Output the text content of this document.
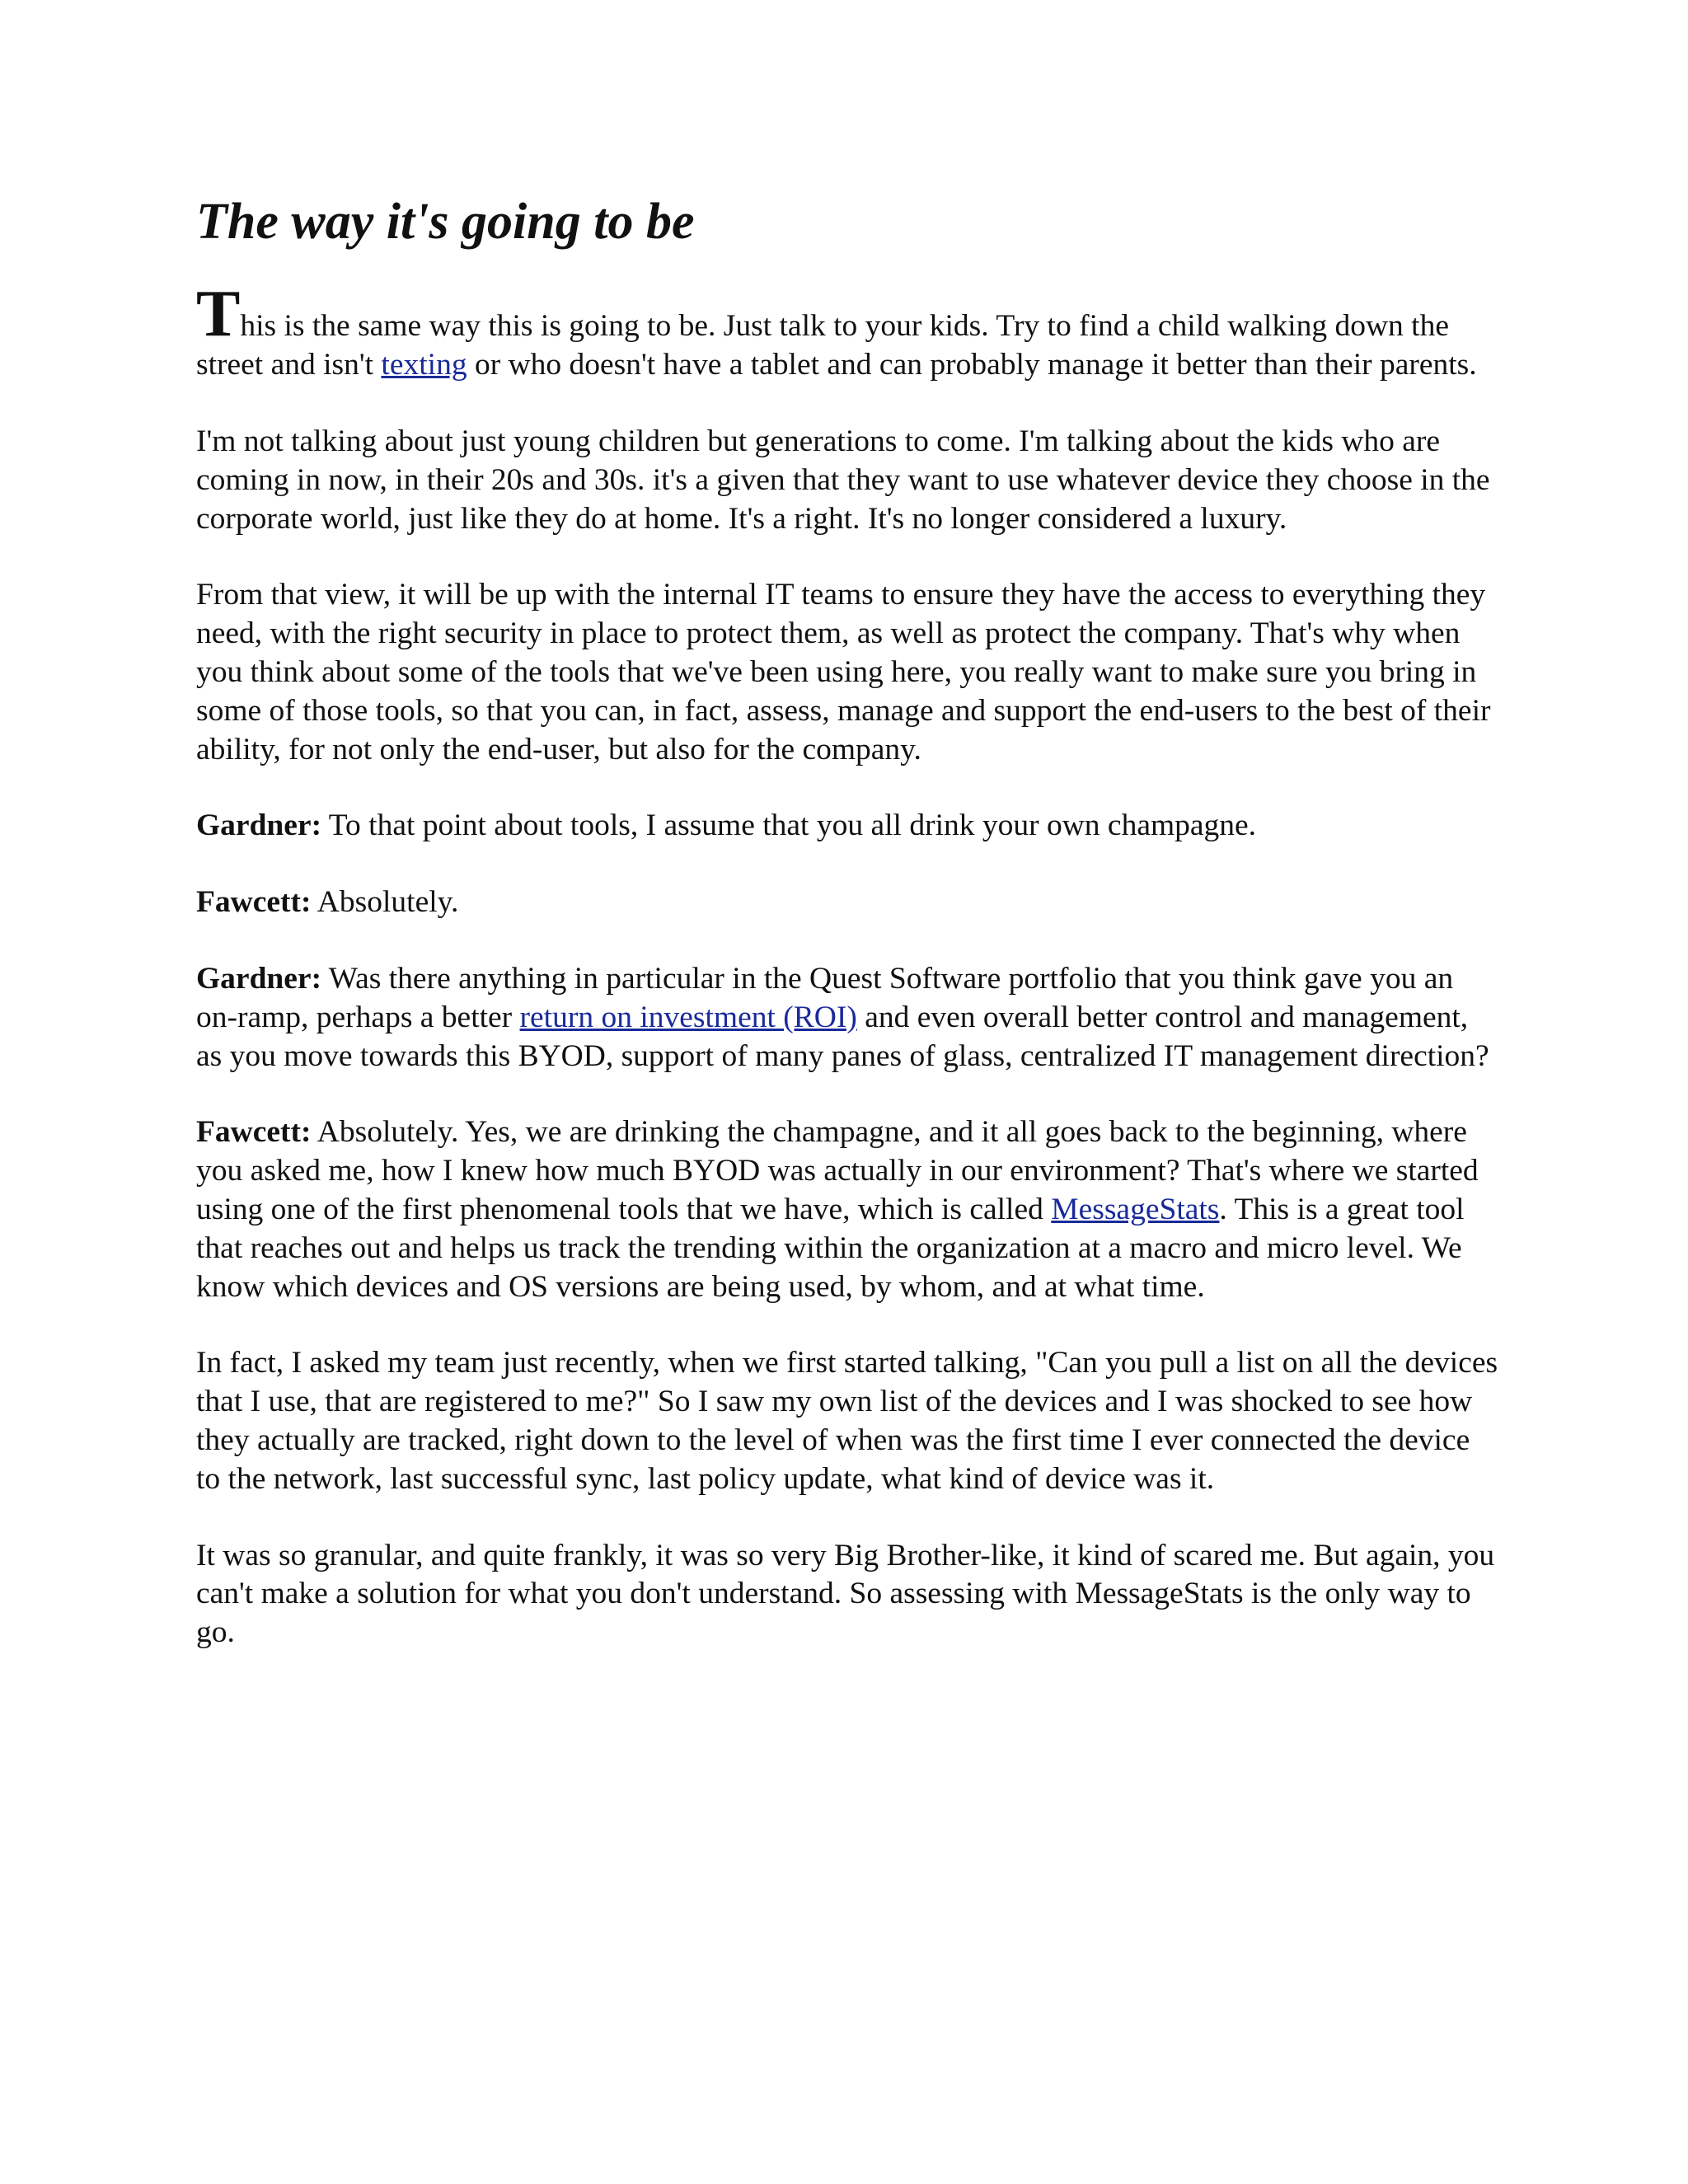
The way it's going to be

This is the same way this is going to be. Just talk to your kids. Try to find a child walking down the street and isn't texting or who doesn't have a tablet and can probably manage it better than their parents.

I'm not talking about just young children but generations to come. I'm talking about the kids who are coming in now, in their 20s and 30s. it's a given that they want to use whatever device they choose in the corporate world, just like they do at home. It's a right. It's no longer considered a luxury.

From that view, it will be up with the internal IT teams to ensure they have the access to everything they need, with the right security in place to protect them, as well as protect the company. That's why when you think about some of the tools that we've been using here, you really want to make sure you bring in some of those tools, so that you can, in fact, assess, manage and support the end-users to the best of their ability, for not only the end-user, but also for the company.

Gardner: To that point about tools, I assume that you all drink your own champagne.

Fawcett: Absolutely.

Gardner: Was there anything in particular in the Quest Software portfolio that you think gave you an on-ramp, perhaps a better return on investment (ROI) and even overall better control and management, as you move towards this BYOD, support of many panes of glass, centralized IT management direction?

Fawcett: Absolutely. Yes, we are drinking the champagne, and it all goes back to the beginning, where you asked me, how I knew how much BYOD was actually in our environment? That's where we started using one of the first phenomenal tools that we have, which is called MessageStats. This is a great tool that reaches out and helps us track the trending within the organization at a macro and micro level. We know which devices and OS versions are being used, by whom, and at what time.

In fact, I asked my team just recently, when we first started talking, "Can you pull a list on all the devices that I use, that are registered to me?" So I saw my own list of the devices and I was shocked to see how they actually are tracked, right down to the level of when was the first time I ever connected the device to the network, last successful sync, last policy update, what kind of device was it.

It was so granular, and quite frankly, it was so very Big Brother-like, it kind of scared me. But again, you can't make a solution for what you don't understand. So assessing with MessageStats is the only way to go.
